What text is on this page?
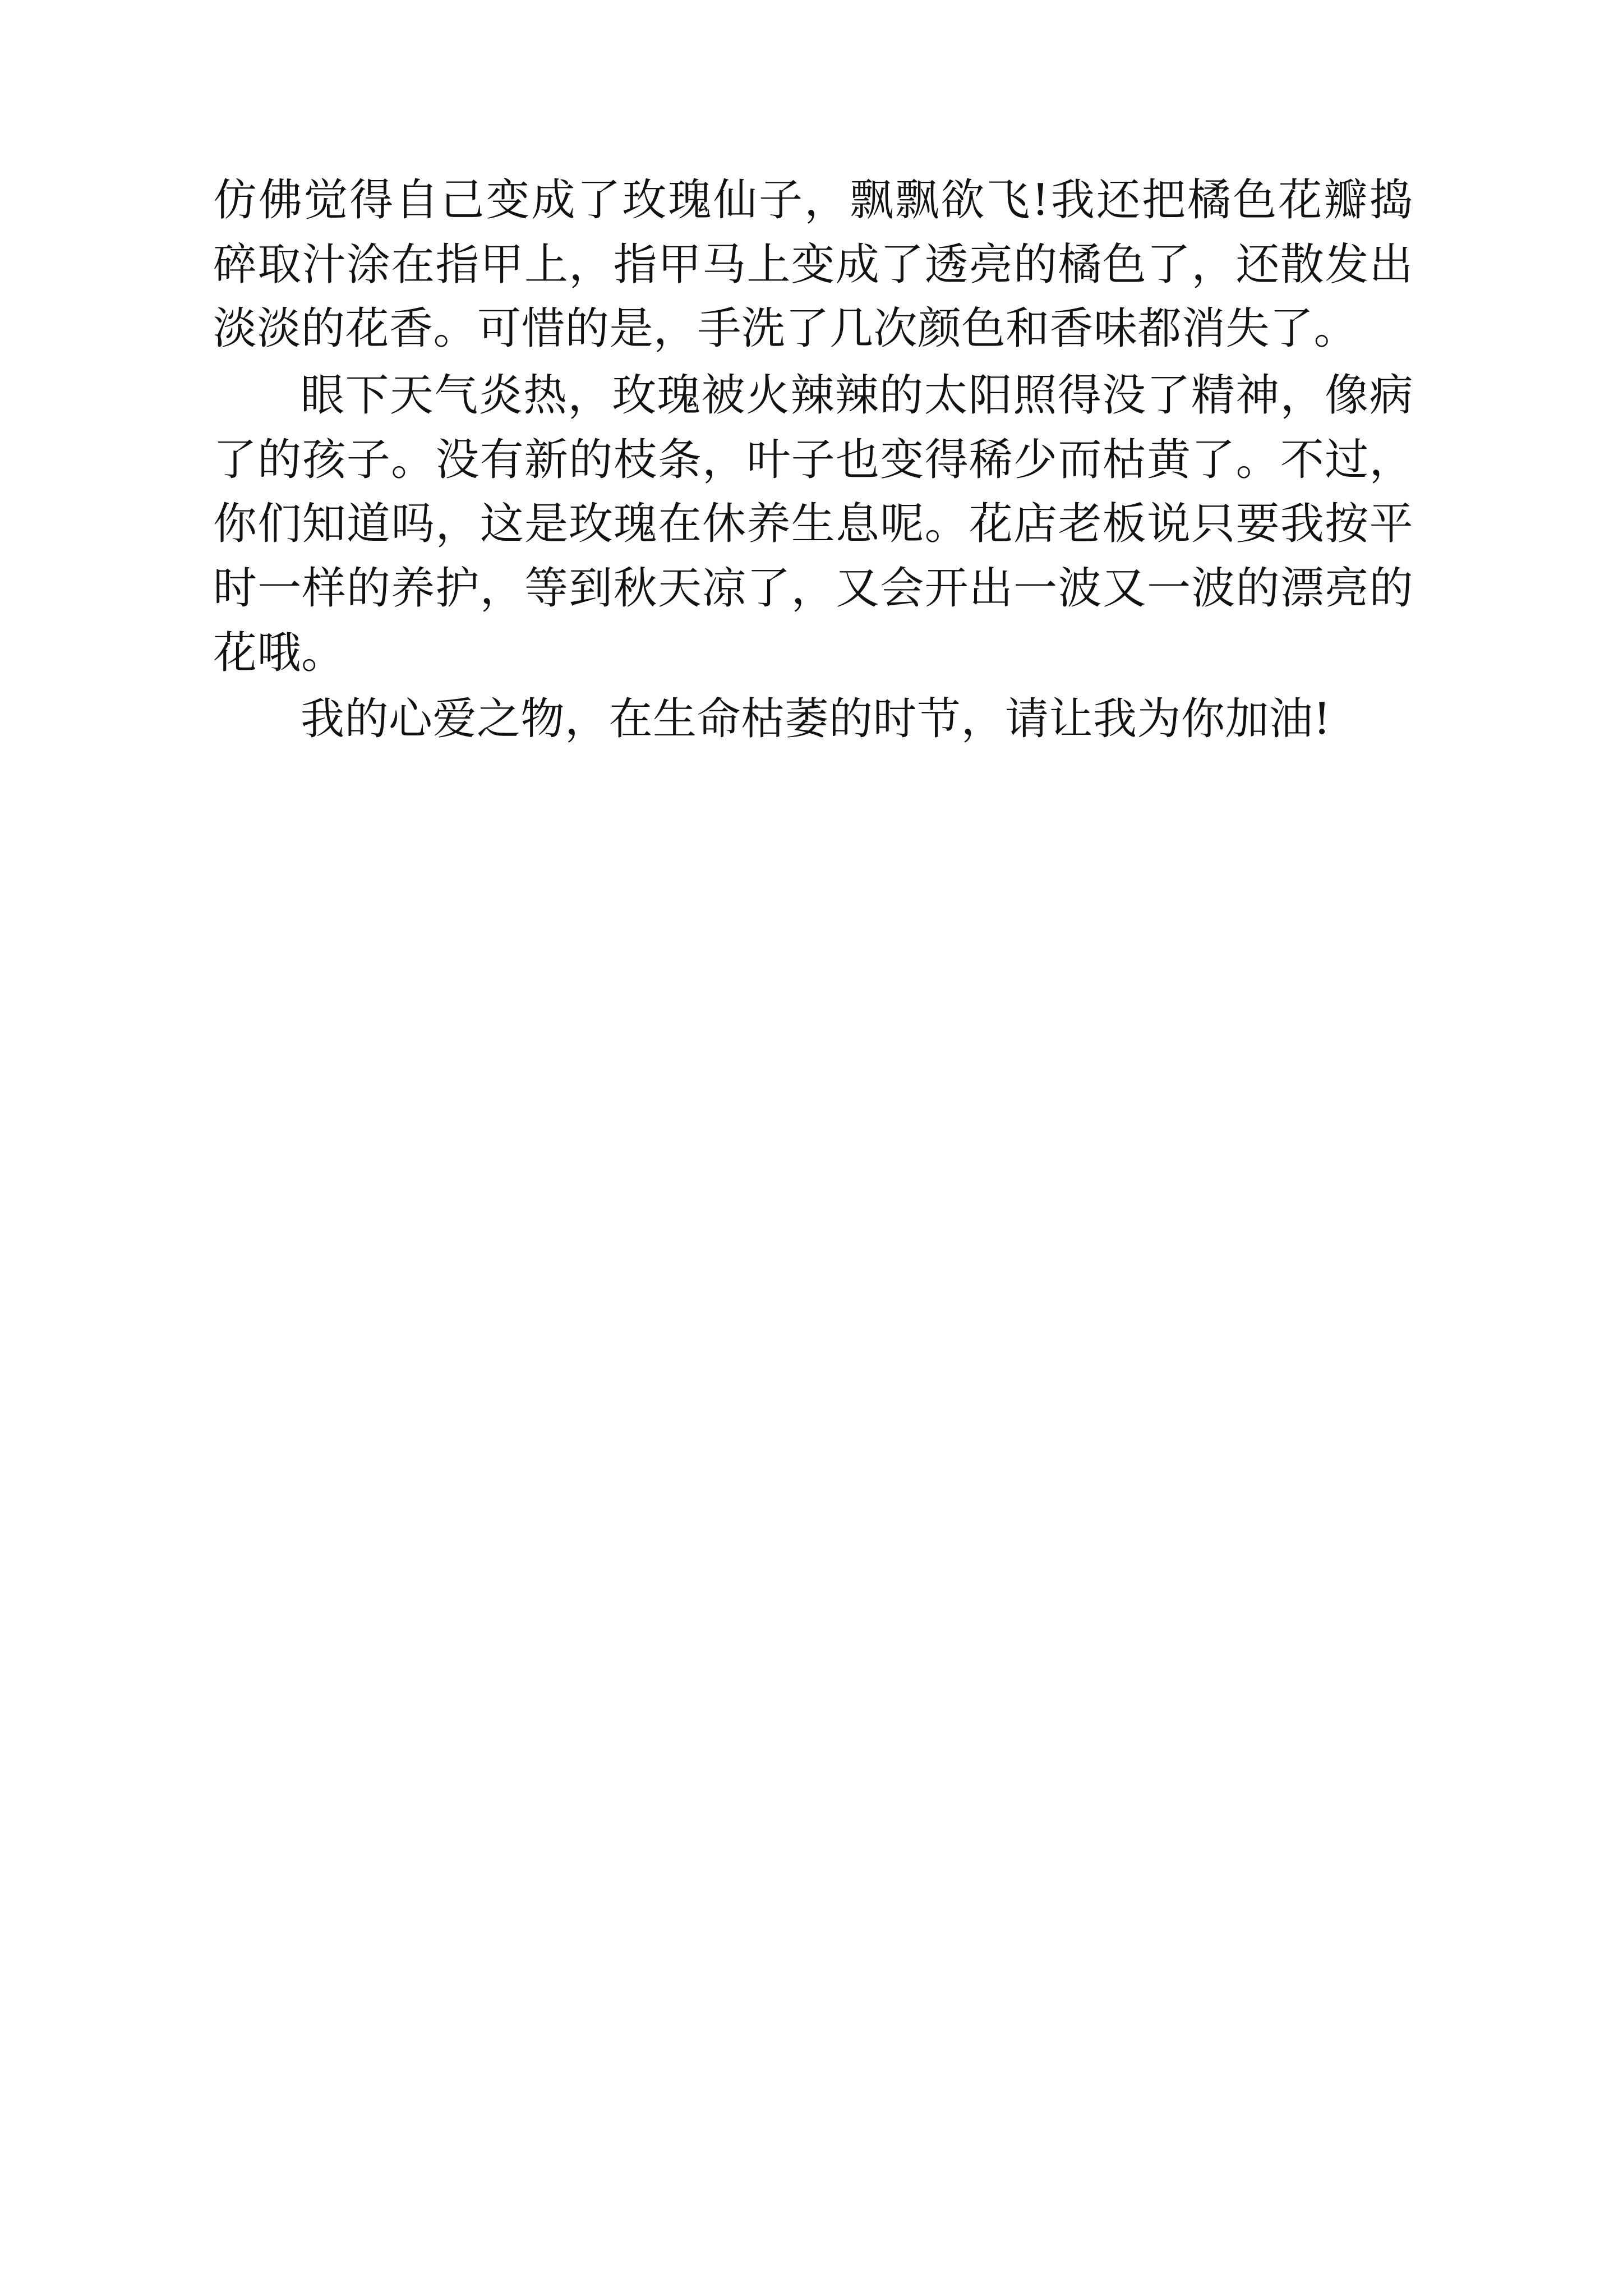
仿佛觉得自己变成了玫瑰仙子，飘飘欲飞!我还把橘色花瓣捣碎取汁涂在指甲上，指甲马上变成了透亮的橘色了，还散发出淡淡的花香。可惜的是，手洗了几次颜色和香味都消失了。

眼下天气炎热，玫瑰被火辣辣的太阳照得没了精神，像病了的孩子。没有新的枝条，叶子也变得稀少而枯黄了。不过，你们知道吗，这是玫瑰在休养生息呢。花店老板说只要我按平时一样的养护，等到秋天凉了，又会开出一波又一波的漂亮的花哦。

我的心爱之物，在生命枯萎的时节，请让我为你加油!
